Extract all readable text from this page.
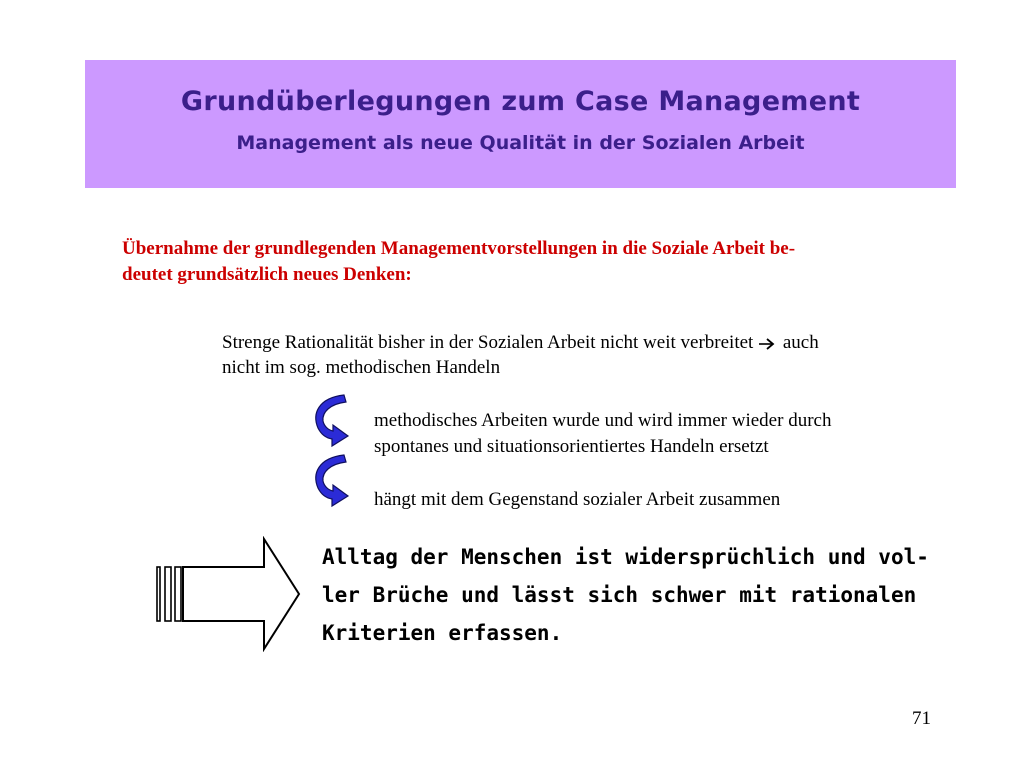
Grundüberlegungen zum Case Management
Management als neue Qualität in der Sozialen Arbeit
Übernahme der grundlegenden Managementvorstellungen in die Soziale Arbeit be-
deutet grundsätzlich neues Denken:
Strenge Rationalität bisher in der Sozialen Arbeit nicht weit verbreitet  auch
nicht im sog. methodischen Handeln
methodisches Arbeiten wurde und wird immer wieder durch
spontanes und situationsorientiertes Handeln ersetzt
hängt mit dem Gegenstand sozialer Arbeit zusammen
Alltag der Menschen ist widersprüchlich und vol-
ler Brüche und lässt sich schwer mit rationalen
Kriterien erfassen.
71
